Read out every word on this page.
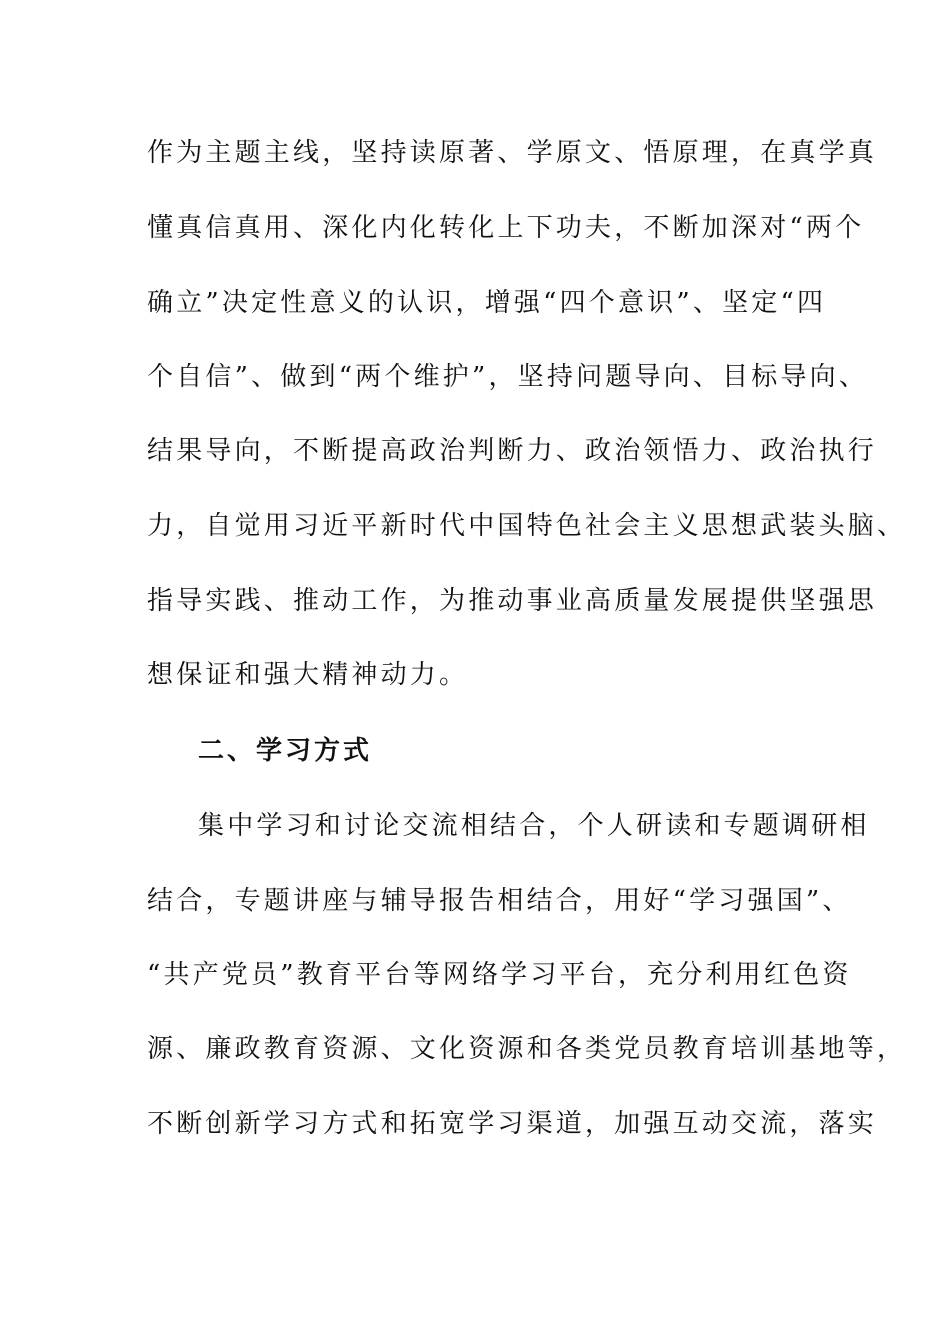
作为主题主线，坚持读原著、学原文、悟原理，在真学真
懂真信真用、深化内化转化上下功夫，不断加深对“两个
确立”决定性意义的认识，增强“四个意识”、坚定“四
个自信”、做到“两个维护”，坚持问题导向、目标导向、
结果导向，不断提高政治判断力、政治领悟力、政治执行
力，自觉用习近平新时代中国特色社会主义思想武装头脑、
指导实践、推动工作，为推动事业高质量发展提供坚强思
想保证和强大精神动力。
二、学习方式
集中学习和讨论交流相结合，个人研读和专题调研相
结合，专题讲座与辅导报告相结合，用好“学习强国”、
“共产党员”教育平台等网络学习平台，充分利用红色资
源、廉政教育资源、文化资源和各类党员教育培训基地等，
不断创新学习方式和拓宽学习渠道，加强互动交流，落实
